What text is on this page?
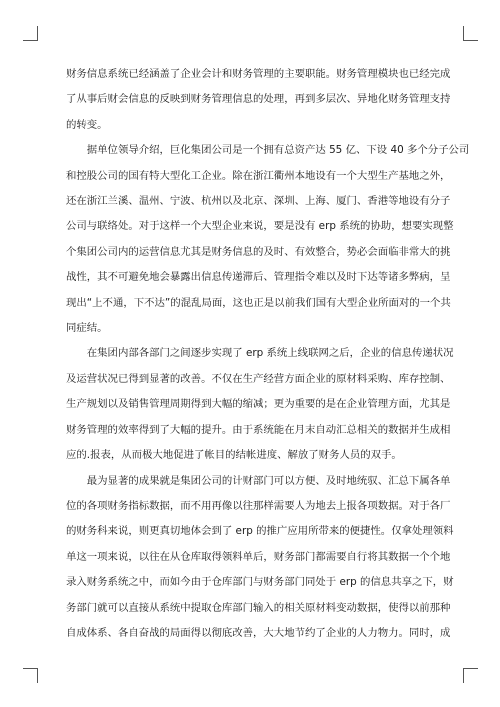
财务信息系统已经涵盖了企业会计和财务管理的主要职能。财务管理模块也已经完成
了从事后财会信息的反映到财务管理信息的处理，再到多层次、异地化财务管理支持
的转变。

　　据单位领导介绍，巨化集团公司是一个拥有总资产达 55 亿、下设 40 多个分子公司
和控股公司的国有特大型化工企业。除在浙江衢州本地设有一个大型生产基地之外，
还在浙江兰溪、温州、宁波、杭州以及北京、深圳、上海、厦门、香港等地设有分子
公司与联络处。对于这样一个大型企业来说，要是没有 erp 系统的协助，想要实现整
个集团公司内的运营信息尤其是财务信息的及时、有效整合，势必会面临非常大的挑
战性，其不可避免地会暴露出信息传递滞后、管理指令难以及时下达等诸多弊病，呈
现出“上不通，下不达”的混乱局面，这也正是以前我们国有大型企业所面对的一个共
同症结。

　　在集团内部各部门之间逐步实现了 erp 系统上线联网之后，企业的信息传递状况
及运营状况已得到显著的改善。不仅在生产经营方面企业的原材料采购、库存控制、
生产规划以及销售管理周期得到大幅的缩减；更为重要的是在企业管理方面，尤其是
财务管理的效率得到了大幅的提升。由于系统能在月末自动汇总相关的数据并生成相
应的.报表，从而极大地促进了帐目的结帐进度、解放了财务人员的双手。

　　最为显著的成果就是集团公司的计财部门可以方便、及时地统驭、汇总下属各单
位的各项财务指标数据，而不用再像以往那样需要人为地去上报各项数据。对于各厂
的财务科来说，则更真切地体会到了 erp 的推广应用所带来的便捷性。仅拿处理领料
单这一项来说，以往在从仓库取得领料单后，财务部门都需要自行将其数据一个个地
录入财务系统之中，而如今由于仓库部门与财务部门同处于 erp 的信息共享之下，财
务部门就可以直接从系统中提取仓库部门输入的相关原材料变动数据，使得以前那种
自成体系、各自奋战的局面得以彻底改善，大大地节约了企业的人力物力。同时，成
